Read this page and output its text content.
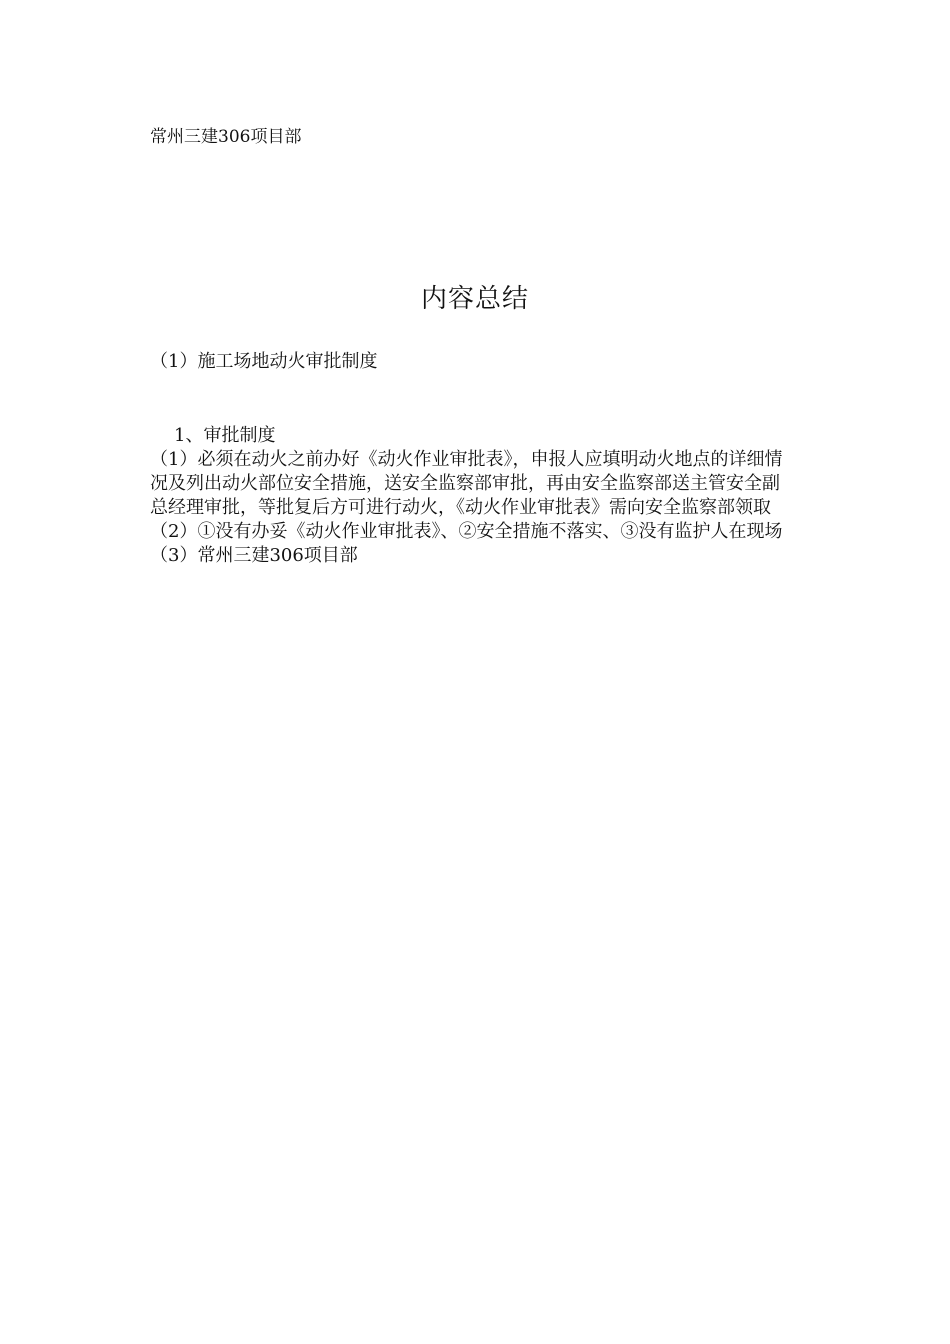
常州三建306项目部
内容总结
（1）施工场地动火审批制度

1、审批制度

（1）必须在动火之前办好《动火作业审批表》，申报人应填明动火地点的详细情况及列出动火部位安全措施，送安全监察部审批，再由安全监察部送主管安全副总经理审批，等批复后方可进行动火，《动火作业审批表》需向安全监察部领取

（2）①没有办妥《动火作业审批表》、②安全措施不落实、③没有监护人在现场

（3）常州三建306项目部
